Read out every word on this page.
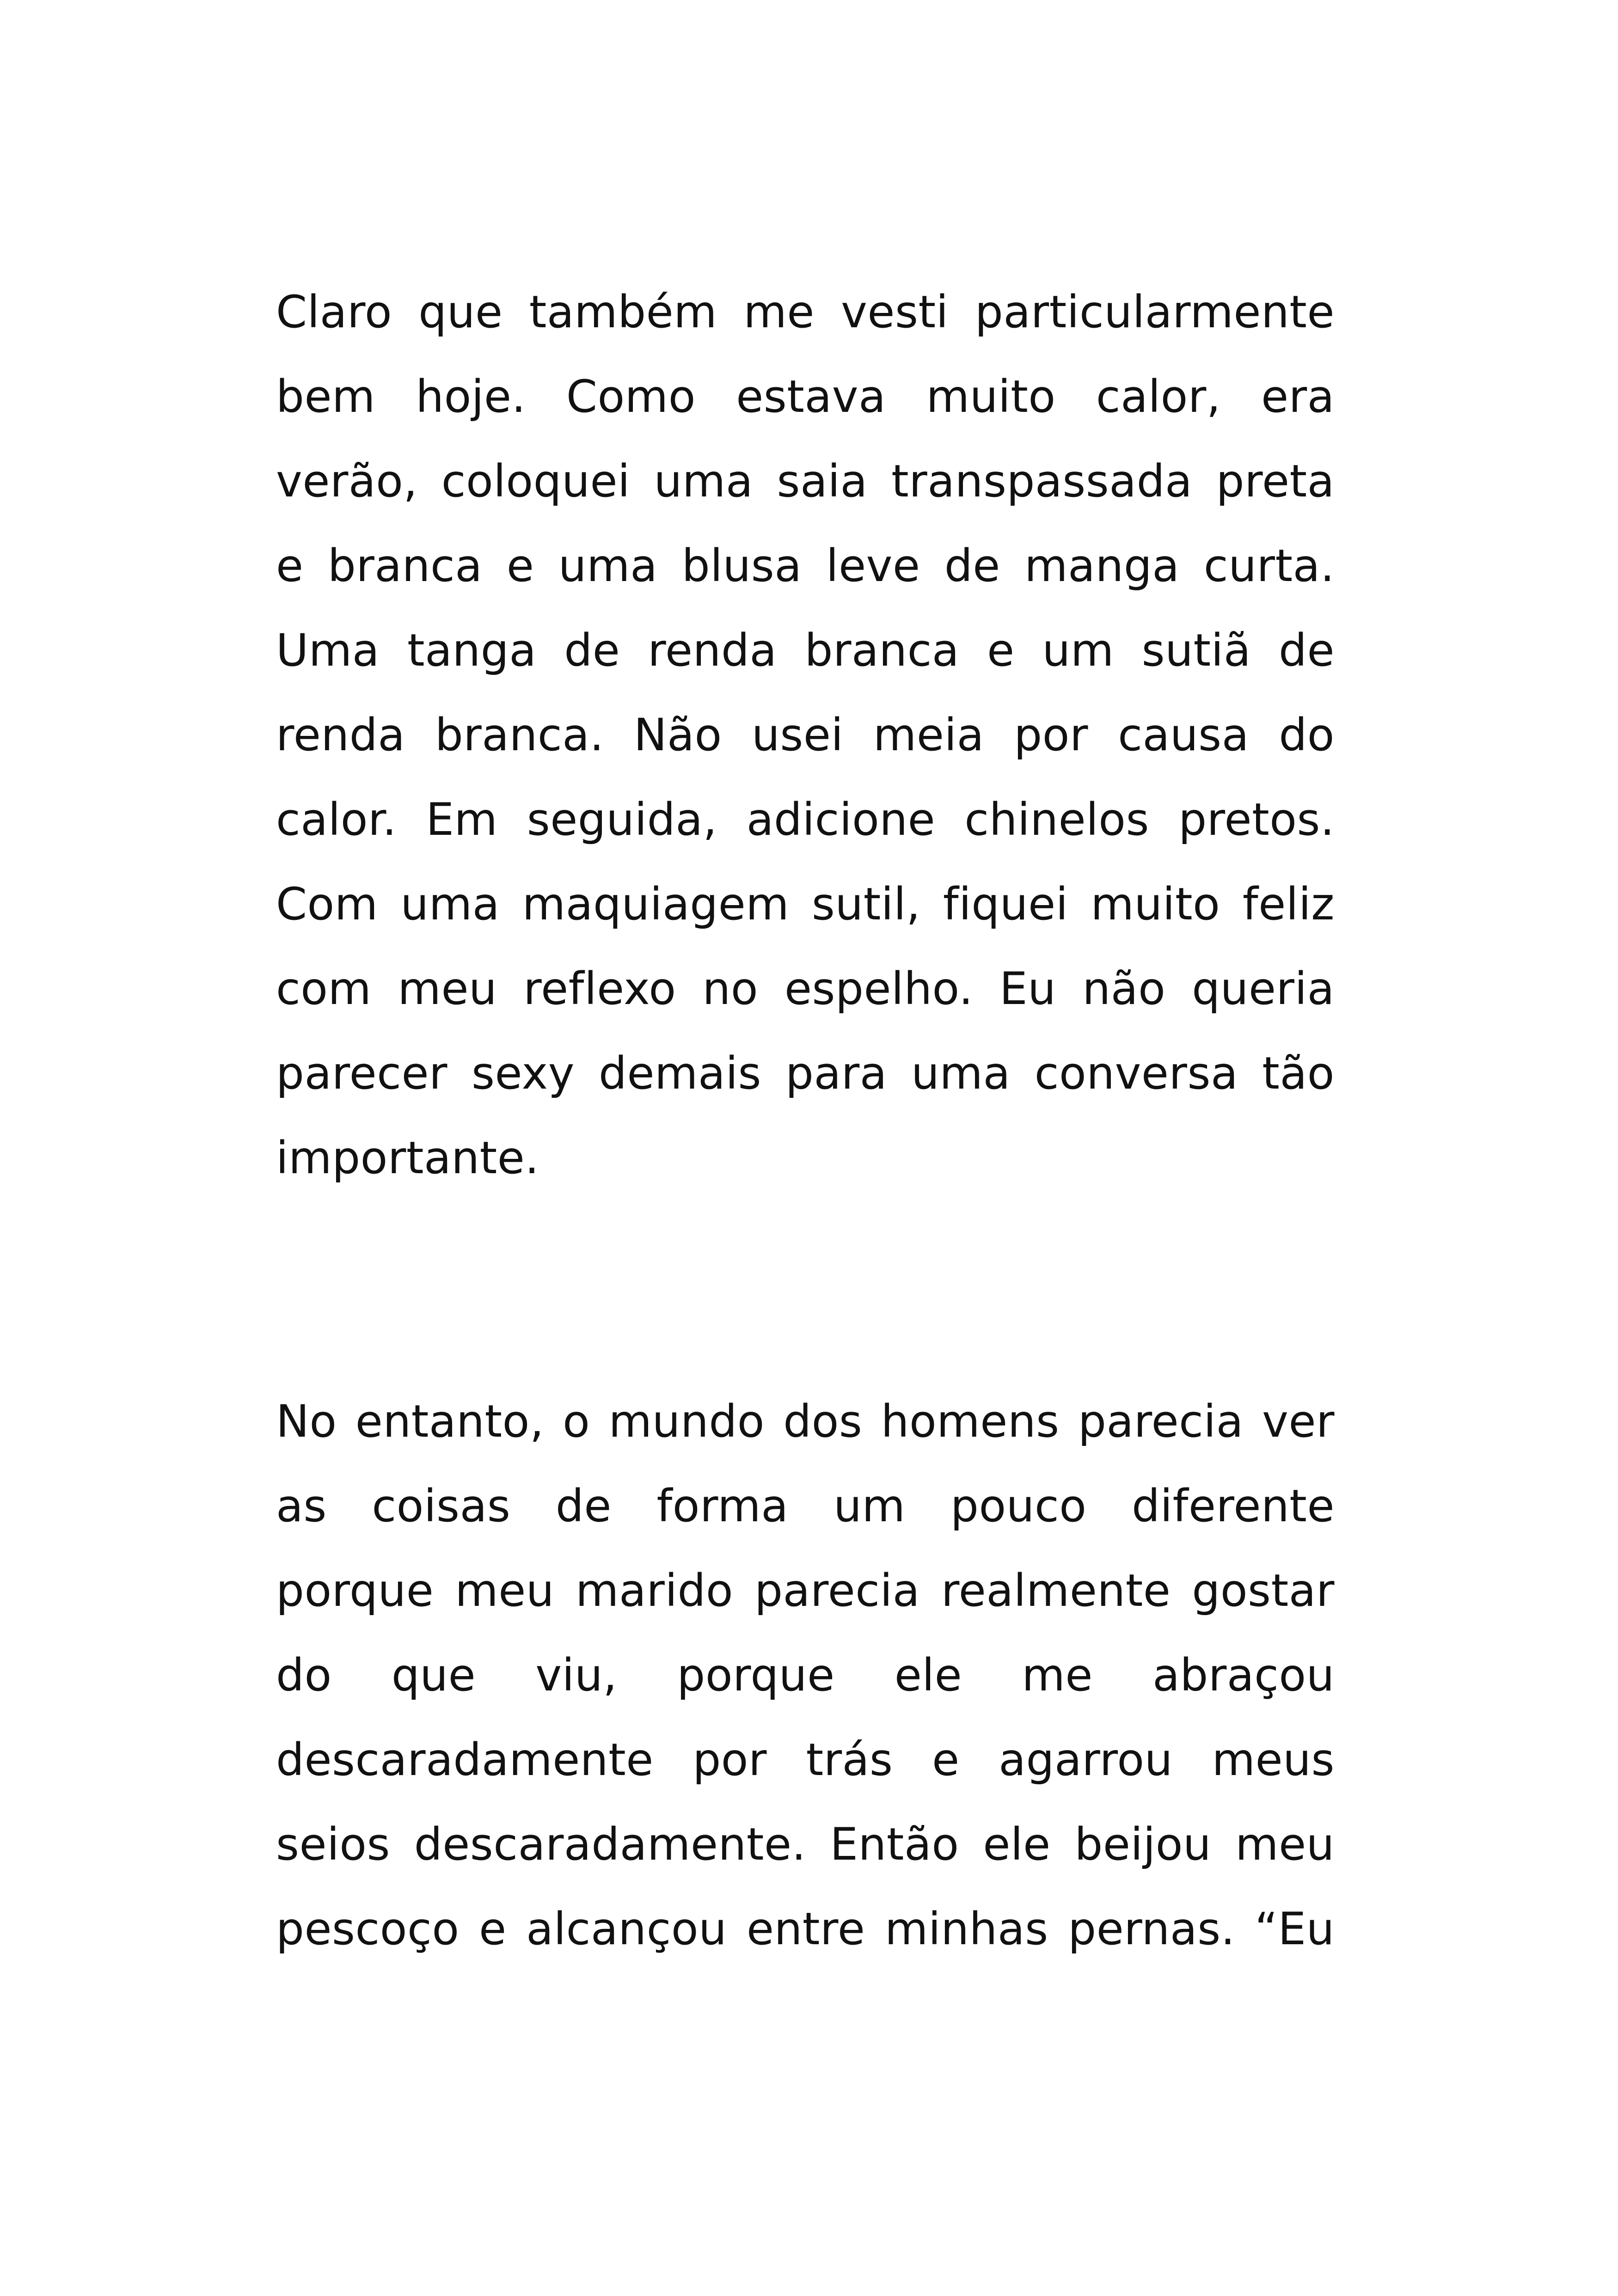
Claro que também me vesti particularmente
bem hoje. Como estava muito calor, era
verão, coloquei uma saia transpassada preta
e branca e uma blusa leve de manga curta.
Uma tanga de renda branca e um sutiã de
renda branca. Não usei meia por causa do
calor. Em seguida, adicione chinelos pretos.
Com uma maquiagem sutil, fiquei muito feliz
com meu reflexo no espelho. Eu não queria
parecer sexy demais para uma conversa tão
importante.
No entanto, o mundo dos homens parecia ver
as coisas de forma um pouco diferente
porque meu marido parecia realmente gostar
do que viu, porque ele me abraçou
descaradamente por trás e agarrou meus
seios descaradamente. Então ele beijou meu
pescoço e alcançou entre minhas pernas. “Eu
